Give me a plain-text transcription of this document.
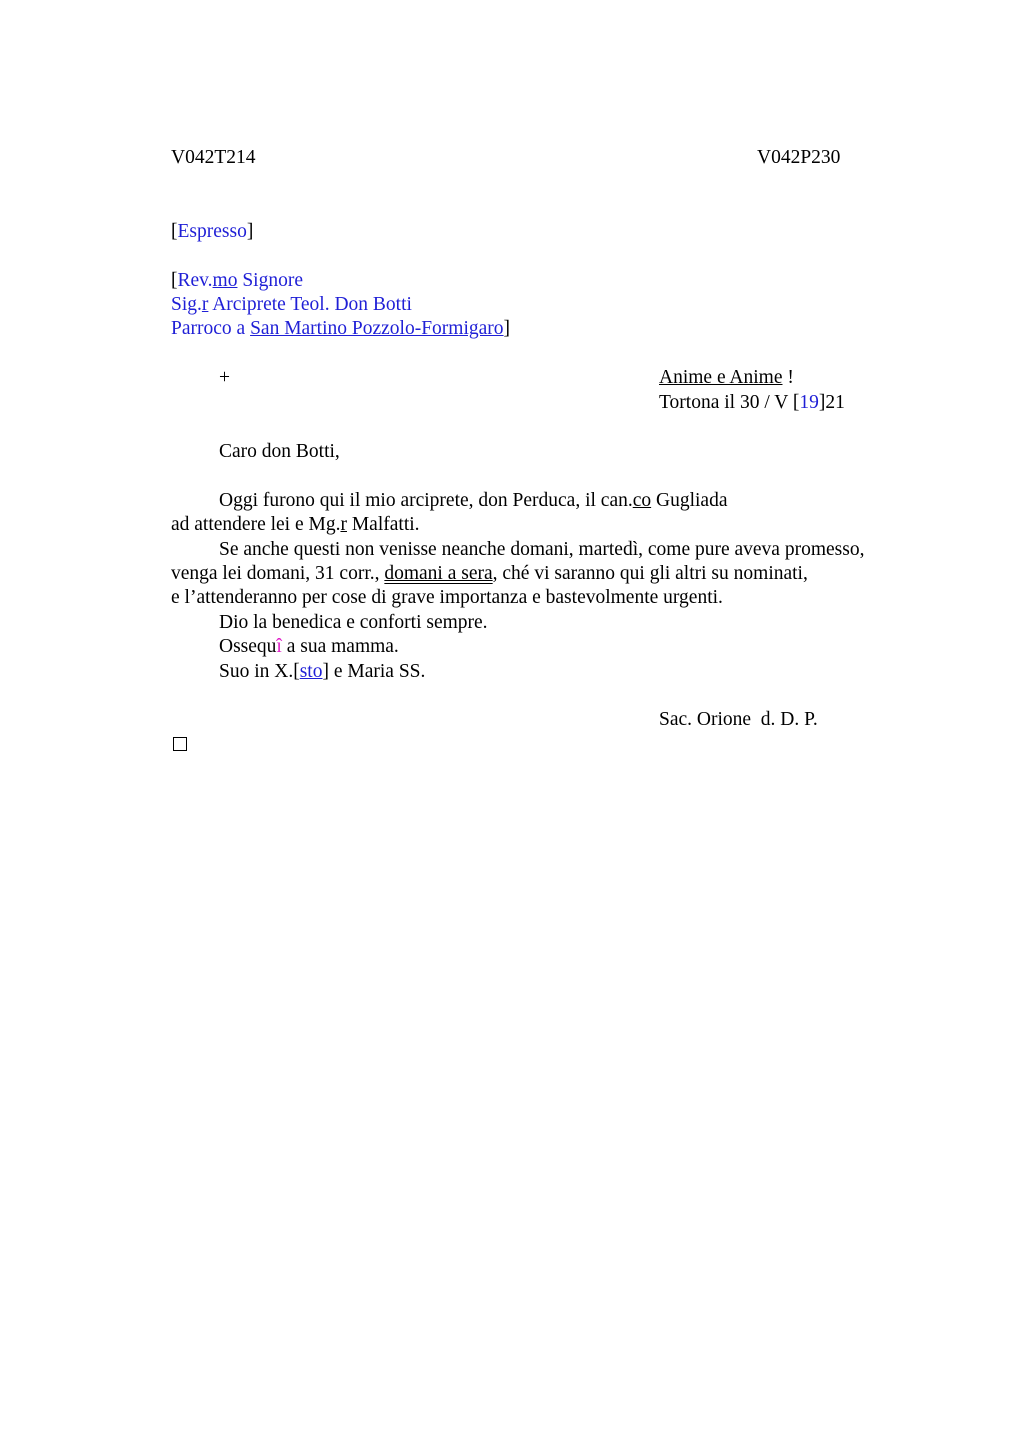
V042T214	V042P230
[Espresso]
[Rev.mo Signore
Sig.r Arciprete Teol. Don Botti
Parroco a San Martino Pozzolo-Formigaro]
+	Anime e Anime !
Tortona il 30 / V [19]21
Caro don Botti,
Oggi furono qui il mio arciprete, don Perduca, il can.co Gugliada
ad attendere lei e Mg.r Malfatti.
Se anche questi non venisse neanche domani, martedì, come pure aveva promesso,
venga lei domani, 31 corr., domani a sera, ché vi saranno qui gli altri su nominati,
e l’attenderanno per cose di grave importanza e bastevolmente urgenti.
Dio la benedica e conforti sempre.
Ossequî a sua mamma.
Suo in X.[sto] e Maria SS.
Sac. Orione  d. D. P.
